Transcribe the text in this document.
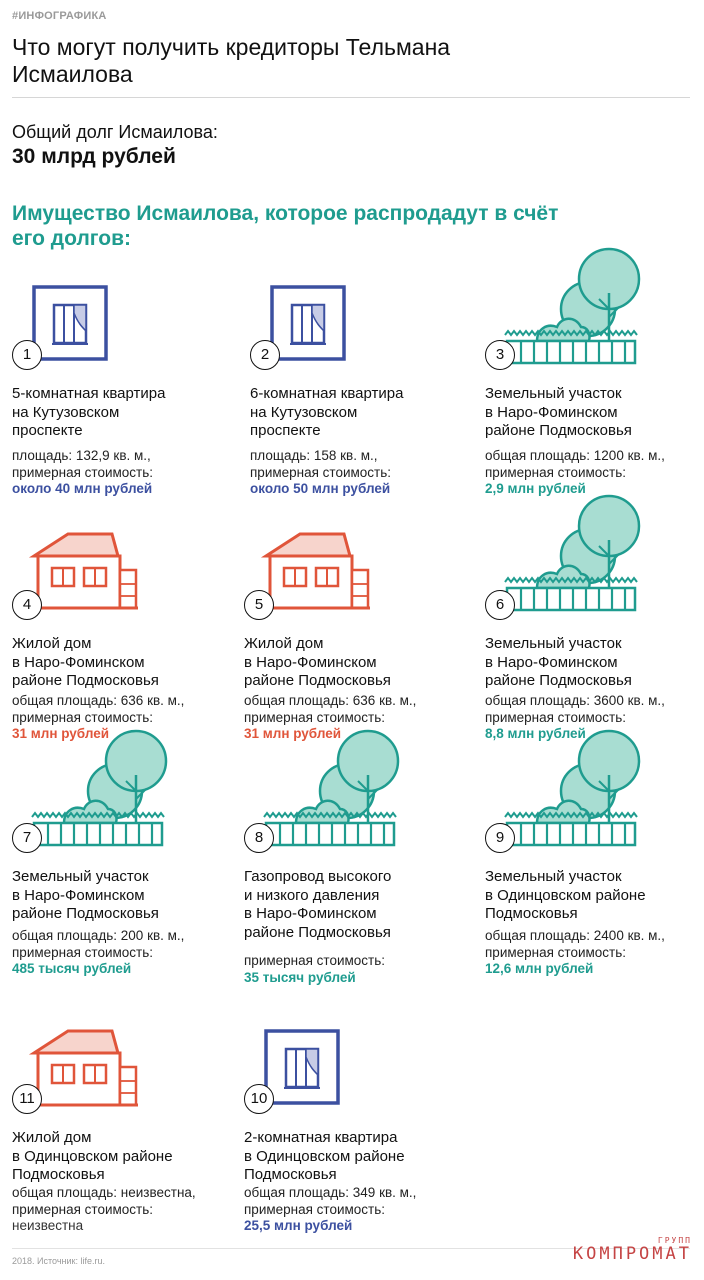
#ИНФОГРАФИКА
Что могут получить кредиторы Тельмана Исмаилова
Общий долг Исмаилова:
30 млрд рублей
Имущество Исмаилова, которое распродадут в счёт его долгов:
1
5-комнатная квартира
на Кутузовском
проспекте
площадь: 132,9 кв. м.,
примерная стоимость:
около 40 млн рублей
2
6-комнатная квартира
на Кутузовском
проспекте
площадь: 158 кв. м.,
примерная стоимость:
около 50 млн рублей
3
Земельный участок
в Наро-Фоминском
районе Подмосковья
общая площадь: 1200 кв. м.,
примерная стоимость:
2,9 млн рублей
4
Жилой дом
в Наро-Фоминском
районе Подмосковья
общая площадь: 636 кв. м.,
примерная стоимость:
31 млн рублей
5
Жилой дом
в Наро-Фоминском
районе Подмосковья
общая площадь: 636 кв. м.,
примерная стоимость:
31 млн рублей
6
Земельный участок
в Наро-Фоминском
районе Подмосковья
общая площадь: 3600 кв. м.,
примерная стоимость:
8,8 млн рублей
7
Земельный участок
в Наро-Фоминском
районе Подмосковья
общая площадь: 200 кв. м.,
примерная стоимость:
485 тысяч рублей
8
Газопровод высокого
и низкого давления
в Наро-Фоминском
районе Подмосковья
примерная стоимость:
35 тысяч рублей
9
Земельный участок
в Одинцовском районе
Подмосковья
общая площадь: 2400 кв. м.,
примерная стоимость:
12,6 млн рублей
11
Жилой дом
в Одинцовском районе
Подмосковья
общая площадь: неизвестна,
примерная стоимость:
неизвестна
10
2-комнатная квартира
в Одинцовском районе
Подмосковья
общая площадь: 349 кв. м.,
примерная стоимость:
25,5 млн рублей
2018. Источник: life.ru.
ГРУПП
КОМПРОМАТ
